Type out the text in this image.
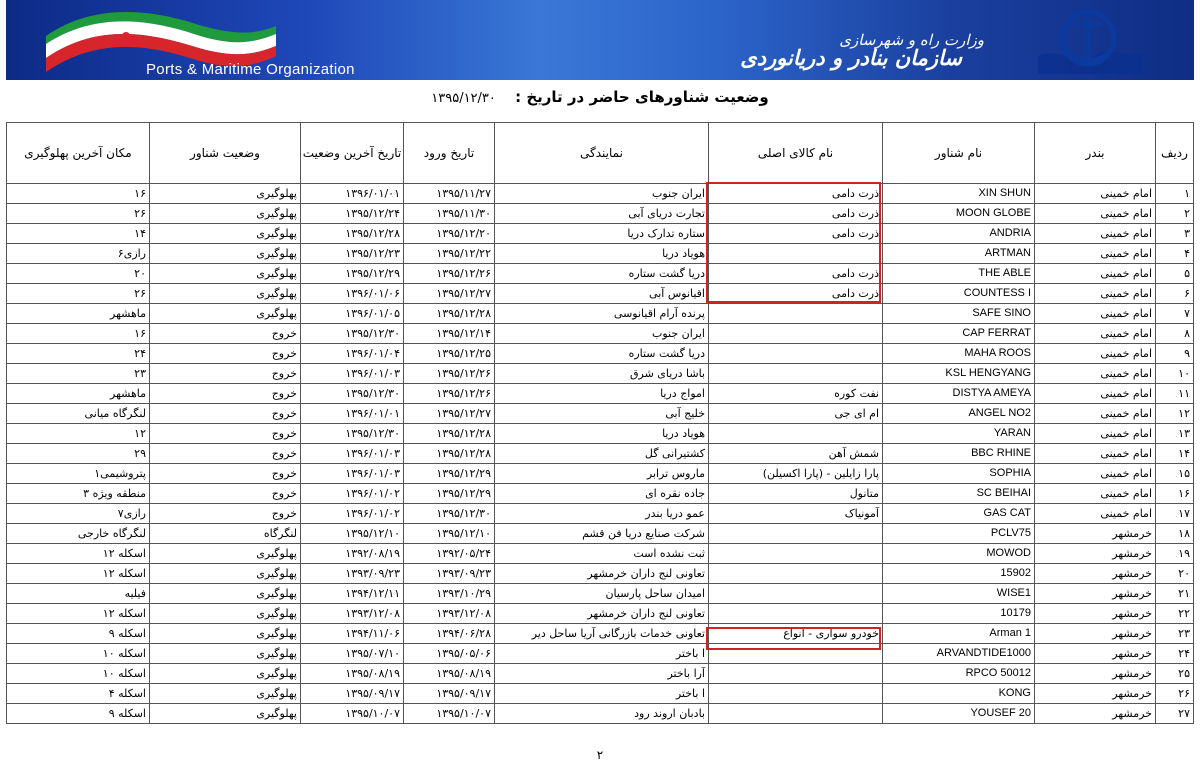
Ports & Maritime Organization
وزارت راه و شهرسازی
سازمان بنادر و دریانوردی
وضعیت شناورهای حاضر در تاریخ : ۱۳۹۵/۱۲/۳۰
ردیف	بندر	نام شناور	نام کالای اصلی	نمایندگی	تاریخ ورود	تاریخ آخرین وضعیت	وضعیت شناور	مکان آخرین پهلوگیری
۱	امام خمینی	XIN SHUN	ذرت دامی	ایران جنوب	۱۳۹۵/۱۱/۲۷	۱۳۹۶/۰۱/۰۱	پهلوگیری	۱۶
۲	امام خمینی	MOON GLOBE	ذرت دامی	تجارت دریای آبی	۱۳۹۵/۱۱/۳۰	۱۳۹۵/۱۲/۲۴	پهلوگیری	۲۶
۳	امام خمینی	ANDRIA	ذرت دامی	ستاره تدارک دریا	۱۳۹۵/۱۲/۲۰	۱۳۹۵/۱۲/۲۸	پهلوگیری	۱۴
۴	امام خمینی	ARTMAN		هویاد دریا	۱۳۹۵/۱۲/۲۲	۱۳۹۵/۱۲/۲۳	پهلوگیری	رازی۶
۵	امام خمینی	THE ABLE	ذرت دامی	دریا گشت ستاره	۱۳۹۵/۱۲/۲۶	۱۳۹۵/۱۲/۲۹	پهلوگیری	۲۰
۶	امام خمینی	COUNTESS I	ذرت دامی	اقیانوس آبی	۱۳۹۵/۱۲/۲۷	۱۳۹۶/۰۱/۰۶	پهلوگیری	۲۶
۷	امام خمینی	SAFE SINO		پرنده آرام اقیانوسی	۱۳۹۵/۱۲/۲۸	۱۳۹۶/۰۱/۰۵	پهلوگیری	ماهشهر
۸	امام خمینی	CAP FERRAT		ایران جنوب	۱۳۹۵/۱۲/۱۴	۱۳۹۵/۱۲/۳۰	خروج	۱۶
۹	امام خمینی	MAHA ROOS		دریا گشت ستاره	۱۳۹۵/۱۲/۲۵	۱۳۹۶/۰۱/۰۴	خروج	۲۴
۱۰	امام خمینی	KSL HENGYANG		باشا دریای شرق	۱۳۹۵/۱۲/۲۶	۱۳۹۶/۰۱/۰۳	خروج	۲۳
۱۱	امام خمینی	DISTYA AMEYA	نفت کوره	امواج دریا	۱۳۹۵/۱۲/۲۶	۱۳۹۵/۱۲/۳۰	خروج	ماهشهر
۱۲	امام خمینی	ANGEL NO2	ام ای جی	خلیج آبی	۱۳۹۵/۱۲/۲۷	۱۳۹۶/۰۱/۰۱	خروج	لنگرگاه میانی
۱۳	امام خمینی	YARAN		هویاد دریا	۱۳۹۵/۱۲/۲۸	۱۳۹۵/۱۲/۳۰	خروج	۱۲
۱۴	امام خمینی	BBC RHINE	شمش آهن	کشتیرانی گل	۱۳۹۵/۱۲/۲۸	۱۳۹۶/۰۱/۰۳	خروج	۲۹
۱۵	امام خمینی	SOPHIA	پارا زایلین - (پارا اکسیلن)	ماروس ترابر	۱۳۹۵/۱۲/۲۹	۱۳۹۶/۰۱/۰۳	خروج	پتروشیمی۱
۱۶	امام خمینی	SC BEIHAI	متانول	جاده نقره ای	۱۳۹۵/۱۲/۲۹	۱۳۹۶/۰۱/۰۲	خروج	منطقه ویژه ۳
۱۷	امام خمینی	GAS CAT	آمونیاک	عمو دریا بندر	۱۳۹۵/۱۲/۳۰	۱۳۹۶/۰۱/۰۲	خروج	رازی۷
۱۸	خرمشهر	PCLV75		شرکت صنایع دریا فن قشم	۱۳۹۵/۱۲/۱۰	۱۳۹۵/۱۲/۱۰	لنگرگاه	لنگرگاه خارجی
۱۹	خرمشهر	MOWOD		ثبت نشده است	۱۳۹۲/۰۵/۲۴	۱۳۹۲/۰۸/۱۹	پهلوگیری	اسکله ۱۲
۲۰	خرمشهر	15902		تعاونی لنج داران خرمشهر	۱۳۹۳/۰۹/۲۳	۱۳۹۳/۰۹/۲۳	پهلوگیری	اسکله ۱۲
۲۱	خرمشهر	WISE1		امیدان ساحل پارسیان	۱۳۹۳/۱۰/۲۹	۱۳۹۴/۱۲/۱۱	پهلوگیری	فیلیه
۲۲	خرمشهر	10179		تعاونی لنج داران خرمشهر	۱۳۹۳/۱۲/۰۸	۱۳۹۳/۱۲/۰۸	پهلوگیری	اسکله ۱۲
۲۳	خرمشهر	Arman 1	خودرو سواری - انواع	تعاونی خدمات بازرگانی آریا ساحل دیر	۱۳۹۴/۰۶/۲۸	۱۳۹۴/۱۱/۰۶	پهلوگیری	اسکله ۹
۲۴	خرمشهر	ARVANDTIDE1000		ا باختر	۱۳۹۵/۰۵/۰۶	۱۳۹۵/۰۷/۱۰	پهلوگیری	اسکله ۱۰
۲۵	خرمشهر	RPCO 50012		آرا باختر	۱۳۹۵/۰۸/۱۹	۱۳۹۵/۰۸/۱۹	پهلوگیری	اسکله ۱۰
۲۶	خرمشهر	KONG		ا باختر	۱۳۹۵/۰۹/۱۷	۱۳۹۵/۰۹/۱۷	پهلوگیری	اسکله ۴
۲۷	خرمشهر	YOUSEF 20		بادبان اروند رود	۱۳۹۵/۱۰/۰۷	۱۳۹۵/۱۰/۰۷	پهلوگیری	اسکله ۹
۲
